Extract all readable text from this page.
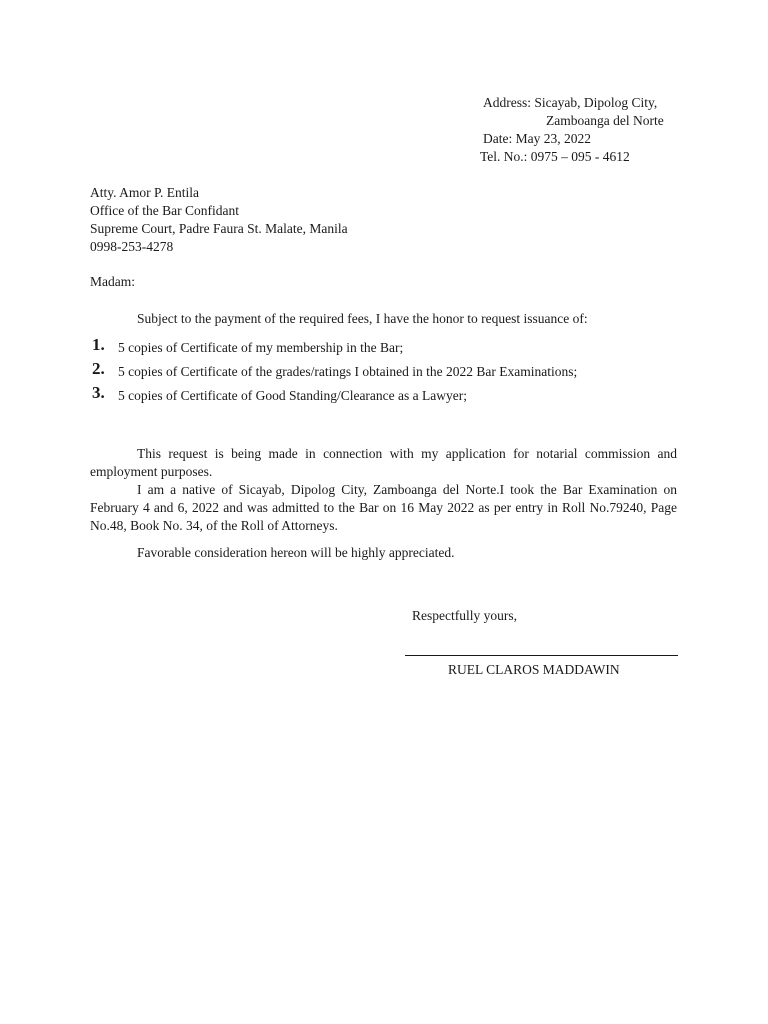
Address: Sicayab, Dipolog City,
Zamboanga del Norte
Date: May 23, 2022
Tel. No.: 0975 – 095 - 4612
Atty. Amor P. Entila
Office of the Bar Confidant
Supreme Court, Padre Faura St. Malate, Manila
0998-253-4278
Madam:
Subject to the payment of the required fees, I have the honor to request issuance of:
1. 5 copies of Certificate of my membership in the Bar;
2. 5 copies of Certificate of the grades/ratings I obtained in the 2022 Bar Examinations;
3. 5 copies of Certificate of Good Standing/Clearance as a Lawyer;
This request is being made in connection with my application for notarial commission and employment purposes.
I am a native of Sicayab, Dipolog City, Zamboanga del Norte.I took the Bar Examination on February 4 and 6, 2022 and was admitted to the Bar on 16 May 2022 as per entry in Roll No.79240, Page No.48, Book No. 34, of the Roll of Attorneys.
Favorable consideration hereon will be highly appreciated.
Respectfully yours,
RUEL CLAROS MADDAWIN
